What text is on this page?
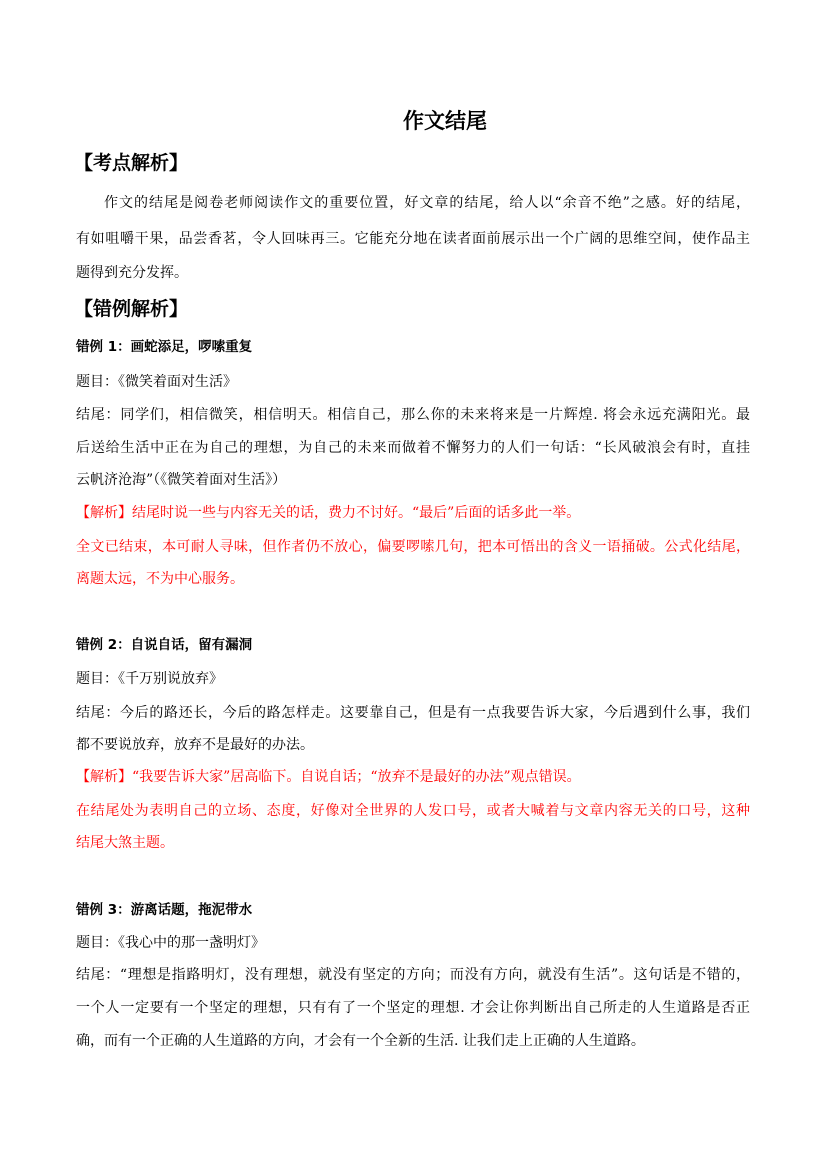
作文结尾
【考点解析】
作文的结尾是阅卷老师阅读作文的重要位置，好文章的结尾，给人以“余音不绝”之感。好的结尾，
有如咀嚼干果，品尝香茗，令人回味再三。它能充分地在读者面前展示出一个广阔的思维空间，使作品主
题得到充分发挥。
【错例解析】
错例 1：画蛇添足，啰嗦重复
题目：《微笑着面对生活》
结尾：同学们，相信微笑，相信明天。相信自己，那么你的未来将来是一片辉煌. 将会永远充满阳光。最
后送给生活中正在为自己的理想，为自己的未来而做着不懈努力的人们一句话：“长风破浪会有时，直挂
云帆济沧海”（《微笑着面对生活》）
【解析】结尾时说一些与内容无关的话，费力不讨好。“最后”后面的话多此一举。
全文已结束，本可耐人寻味，但作者仍不放心，偏要啰嗦几句，把本可悟出的含义一语捅破。公式化结尾，
离题太远，不为中心服务。
错例 2：自说自话，留有漏洞
题目：《千万别说放弃》
结尾：今后的路还长，今后的路怎样走。这要靠自己，但是有一点我要告诉大家，今后遇到什么事，我们
都不要说放弃，放弃不是最好的办法。
【解析】“我要告诉大家”居高临下。自说自话；“放弃不是最好的办法”观点错误。
在结尾处为表明自己的立场、态度，好像对全世界的人发口号，或者大喊着与文章内容无关的口号，这种
结尾大煞主题。
错例 3：游离话题，拖泥带水
题目：《我心中的那一盏明灯》
结尾：“理想是指路明灯，没有理想，就没有坚定的方向；而没有方向，就没有生活”。这句话是不错的，
一个人一定要有一个坚定的理想，只有有了一个坚定的理想. 才会让你判断出自己所走的人生道路是否正
确，而有一个正确的人生道路的方向，才会有一个全新的生活. 让我们走上正确的人生道路。
